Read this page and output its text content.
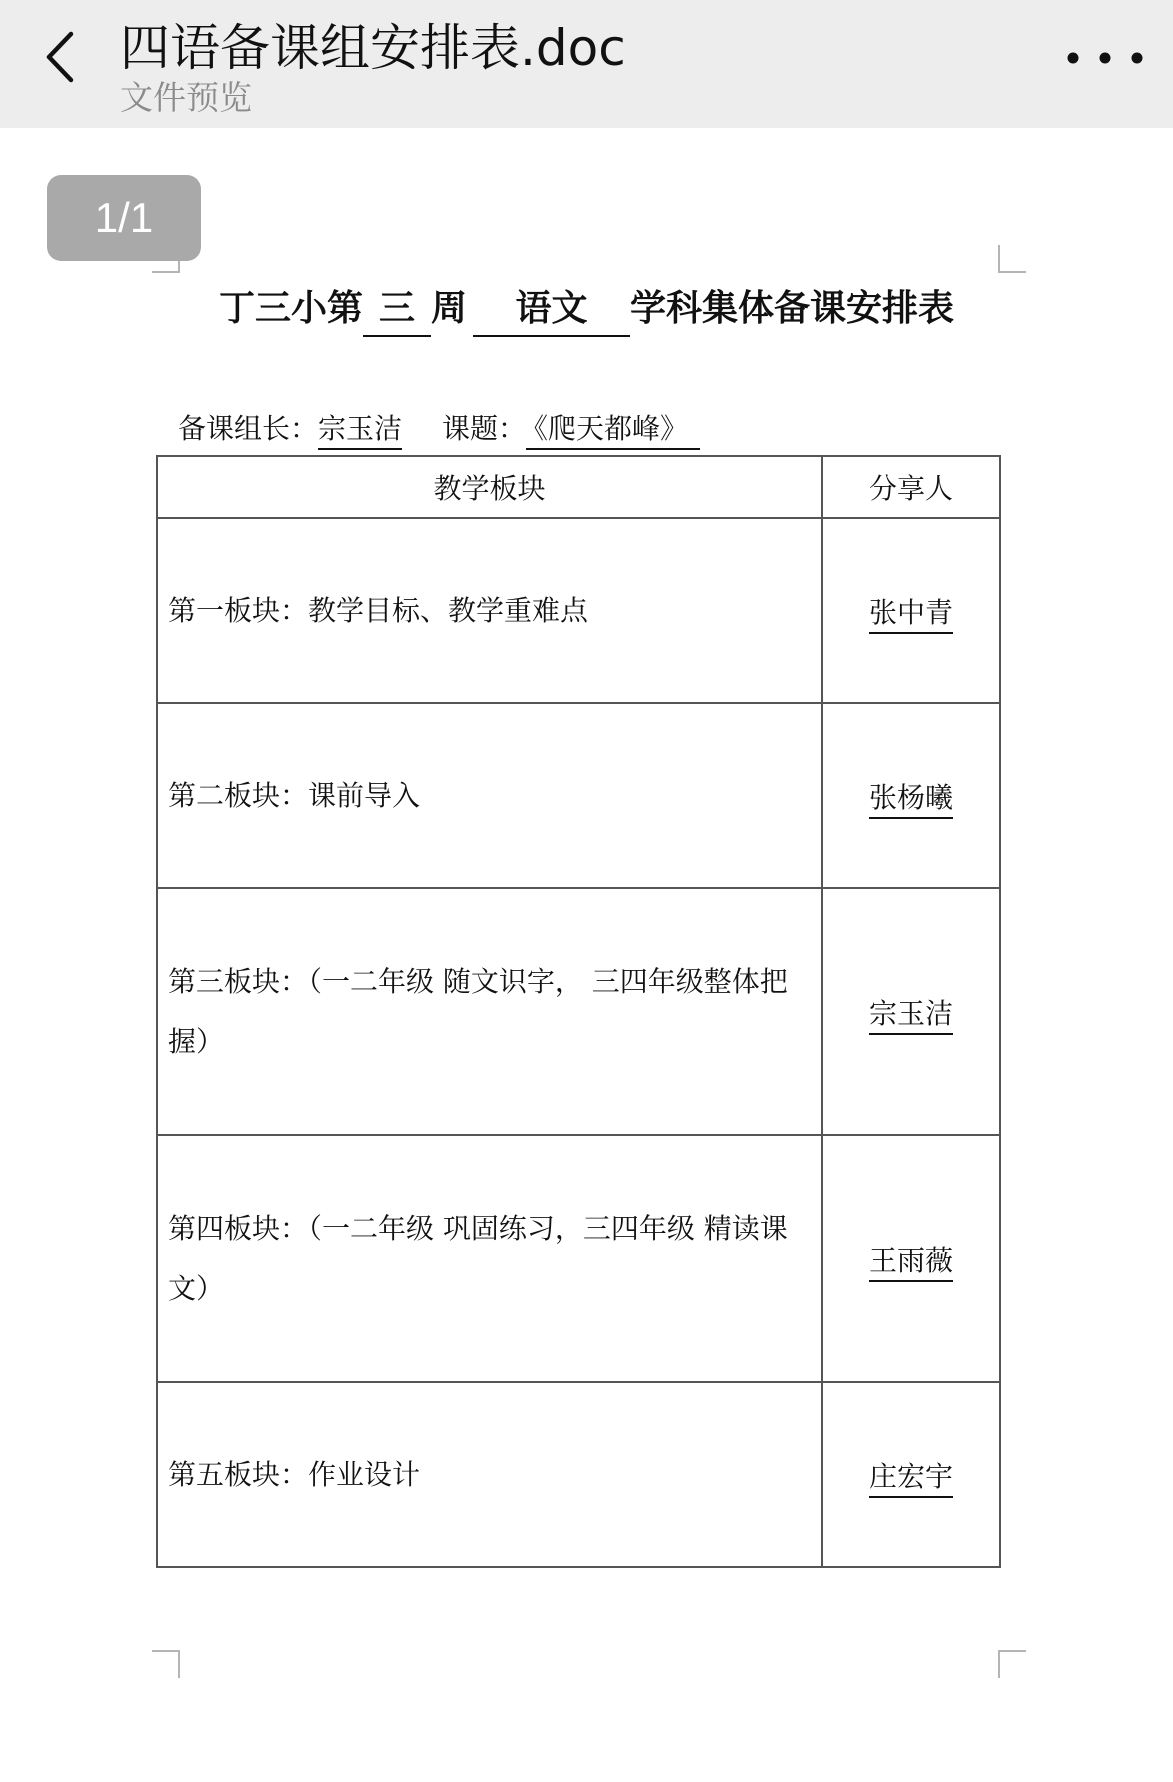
四语备课组安排表.doc
文件预览
1/1
丁三小第 三 周 语文 学科集体备课安排表
备课组长：宗玉洁 课题： 《爬天都峰》
教学板块	分享人
第一板块：教学目标、教学重难点	张中青
第二板块：课前导入	张杨曦
第三板块：（一二年级 随文识字， 三四年级整体把握）	宗玉洁
第四板块：（一二年级 巩固练习，三四年级 精读课文）	王雨薇
第五板块：作业设计	庄宏宇
